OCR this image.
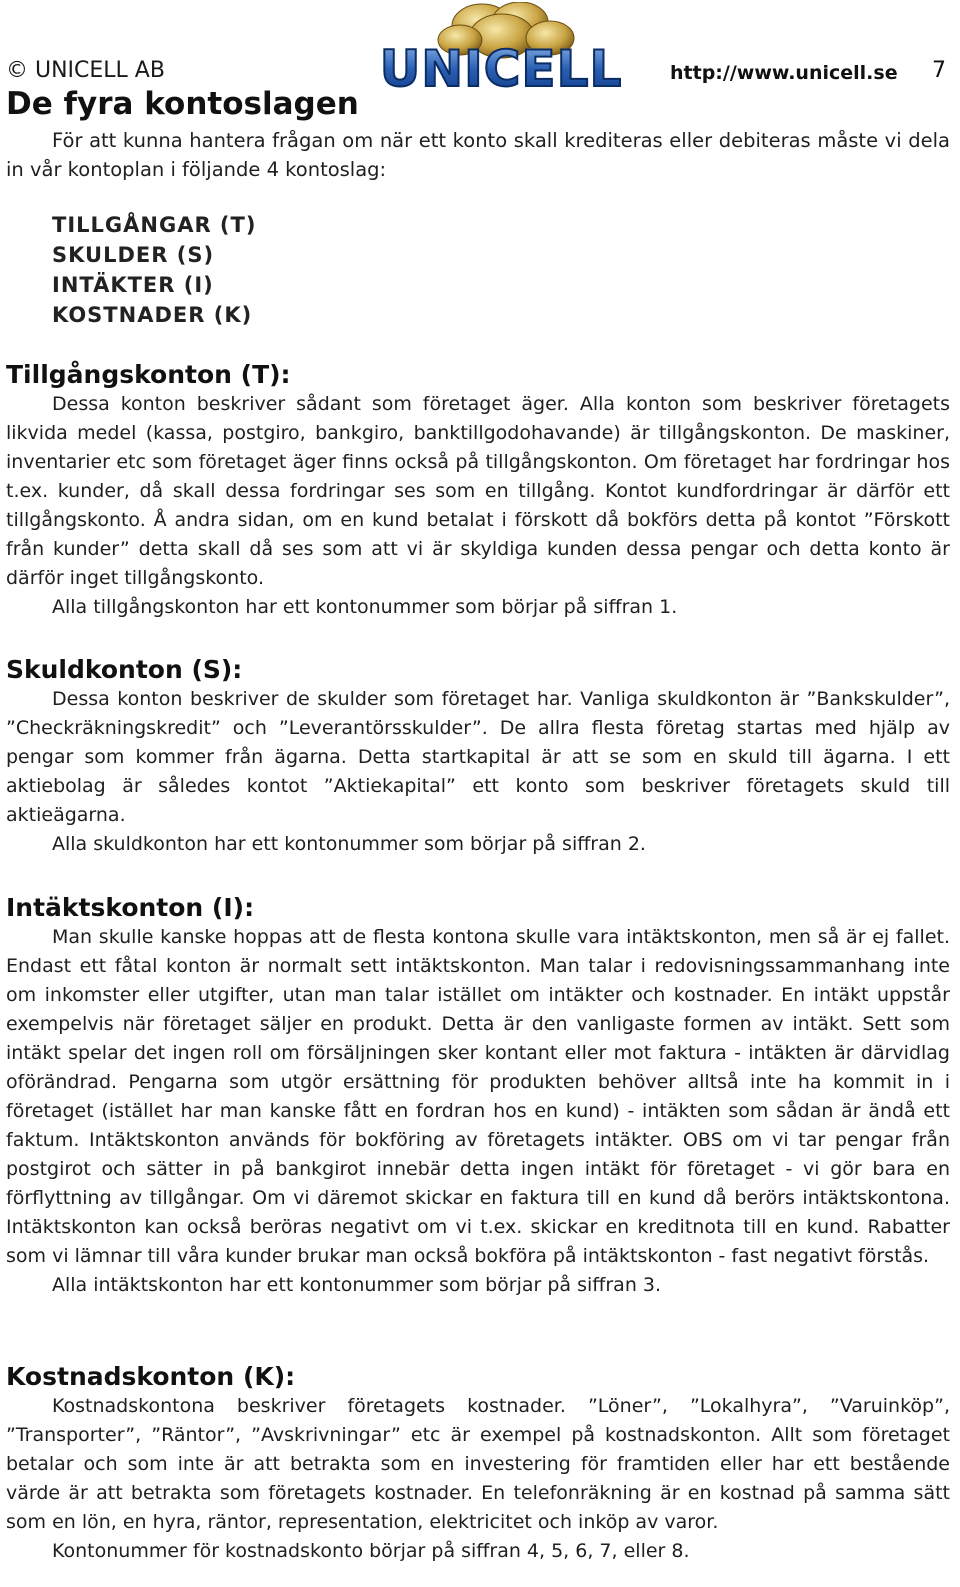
© UNICELL AB	UNICELL	http://www.unicell.se 7
De fyra kontoslagen

För att kunna hantera frågan om när ett konto skall krediteras eller debiteras måste vi dela in vår kontoplan i följande 4 kontoslag:

TILLGÅNGAR (T)
SKULDER (S)
INTÄKTER (I)
KOSTNADER (K)
Tillgångskonton (T):

Dessa konton beskriver sådant som företaget äger. Alla konton som beskriver företagets likvida medel (kassa, postgiro, bankgiro, banktillgodohavande) är tillgångskonton. De maskiner, inventarier etc som företaget äger finns också på tillgångskonton. Om företaget har fordringar hos t.ex. kunder, då skall dessa fordringar ses som en tillgång. Kontot kundfordringar är därför ett tillgångskonto. Å andra sidan, om en kund betalat i förskott då bokförs detta på kontot ”Förskott från kunder” detta skall då ses som att vi är skyldiga kunden dessa pengar och detta konto är därför inget tillgångskonto.

Alla tillgångskonton har ett kontonummer som börjar på siffran 1.

Skuldkonton (S):

Dessa konton beskriver de skulder som företaget har. Vanliga skuldkonton är ”Bankskulder”, ”Checkräkningskredit” och ”Leverantörsskulder”. De allra flesta företag startas med hjälp av pengar som kommer från ägarna. Detta startkapital är att se som en skuld till ägarna. I ett aktiebolag är således kontot ”Aktiekapital” ett konto som beskriver företagets skuld till aktieägarna.

Alla skuldkonton har ett kontonummer som börjar på siffran 2.

Intäktskonton (I):

Man skulle kanske hoppas att de flesta kontona skulle vara intäktskonton, men så är ej fallet. Endast ett fåtal konton är normalt sett intäktskonton. Man talar i redovisningssammanhang inte om inkomster eller utgifter, utan man talar istället om intäkter och kostnader. En intäkt uppstår exempelvis när företaget säljer en produkt. Detta är den vanligaste formen av intäkt. Sett som intäkt spelar det ingen roll om försäljningen sker kontant eller mot faktura - intäkten är därvidlag oförändrad. Pengarna som utgör ersättning för produkten behöver alltså inte ha kommit in i företaget (istället har man kanske fått en fordran hos en kund) - intäkten som sådan är ändå ett faktum. Intäktskonton används för bokföring av företagets intäkter. OBS om vi tar pengar från postgirot och sätter in på bankgirot innebär detta ingen intäkt för företaget - vi gör bara en förflyttning av tillgångar. Om vi däremot skickar en faktura till en kund då berörs intäktskontona. Intäktskonton kan också beröras negativt om vi t.ex. skickar en kreditnota till en kund. Rabatter som vi lämnar till våra kunder brukar man också bokföra på intäktskonton - fast negativt förstås.

Alla intäktskonton har ett kontonummer som börjar på siffran 3.

Kostnadskonton (K):

Kostnadskontona beskriver företagets kostnader. ”Löner”, ”Lokalhyra”, ”Varuinköp”, ”Transporter”, ”Räntor”, ”Avskrivningar” etc är exempel på kostnadskonton. Allt som företaget betalar och som inte är att betrakta som en investering för framtiden eller har ett bestående värde är att betrakta som företagets kostnader. En telefonräkning är en kostnad på samma sätt som en lön, en hyra, räntor, representation, elektricitet och inköp av varor.

Kontonummer för kostnadskonto börjar på siffran 4, 5, 6, 7, eller 8.
